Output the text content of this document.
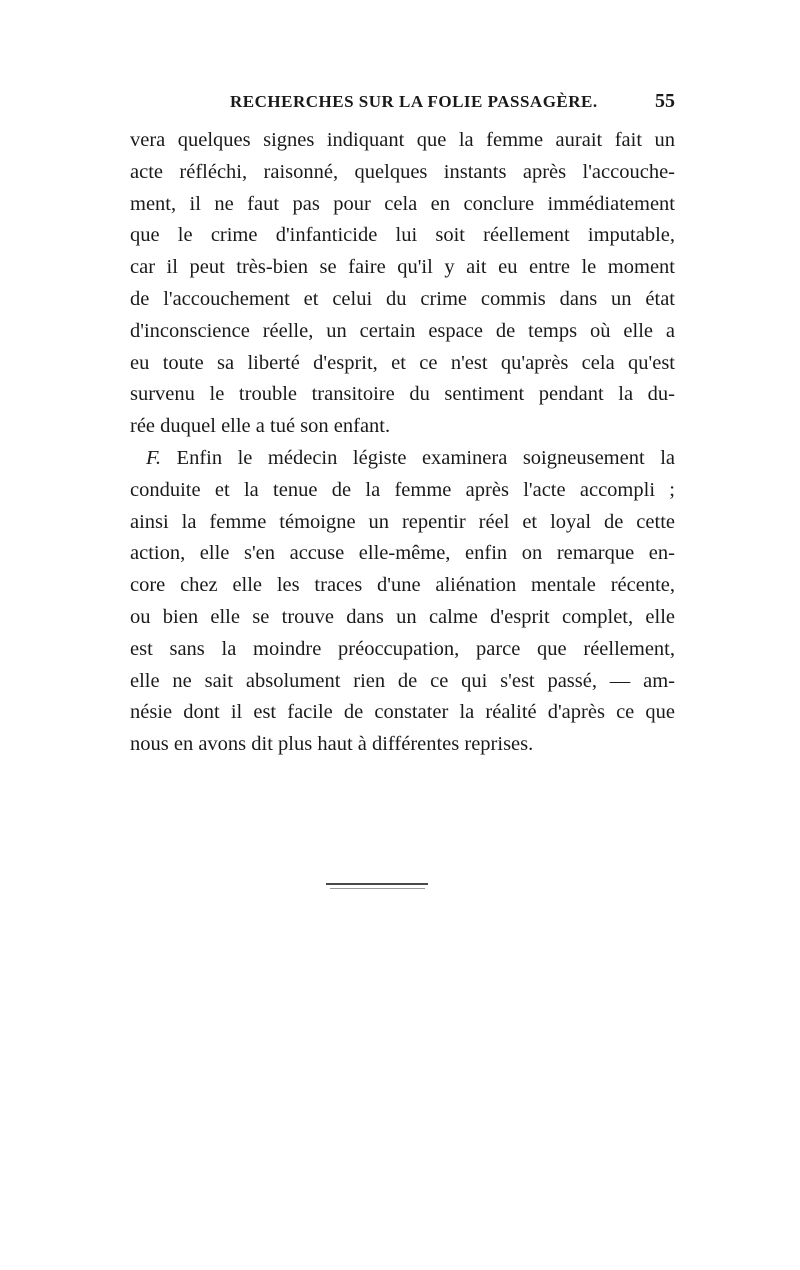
RECHERCHES SUR LA FOLIE PASSAGÈRE.	55
vera quelques signes indiquant que la femme aurait fait un
acte réfléchi, raisonné, quelques instants après l'accouche-
ment, il ne faut pas pour cela en conclure immédiatement
que le crime d'infanticide lui soit réellement imputable,
car il peut très-bien se faire qu'il y ait eu entre le moment
de l'accouchement et celui du crime commis dans un état
d'inconscience réelle, un certain espace de temps où elle a
eu toute sa liberté d'esprit, et ce n'est qu'après cela qu'est
survenu le trouble transitoire du sentiment pendant la du-
rée duquel elle a tué son enfant.
F. Enfin le médecin légiste examinera soigneusement la
conduite et la tenue de la femme après l'acte accompli ;
ainsi la femme témoigne un repentir réel et loyal de cette
action, elle s'en accuse elle-même, enfin on remarque en-
core chez elle les traces d'une aliénation mentale récente,
ou bien elle se trouve dans un calme d'esprit complet, elle
est sans la moindre préoccupation, parce que réellement,
elle ne sait absolument rien de ce qui s'est passé, — am-
nésie dont il est facile de constater la réalité d'après ce que
nous en avons dit plus haut à différentes reprises.
